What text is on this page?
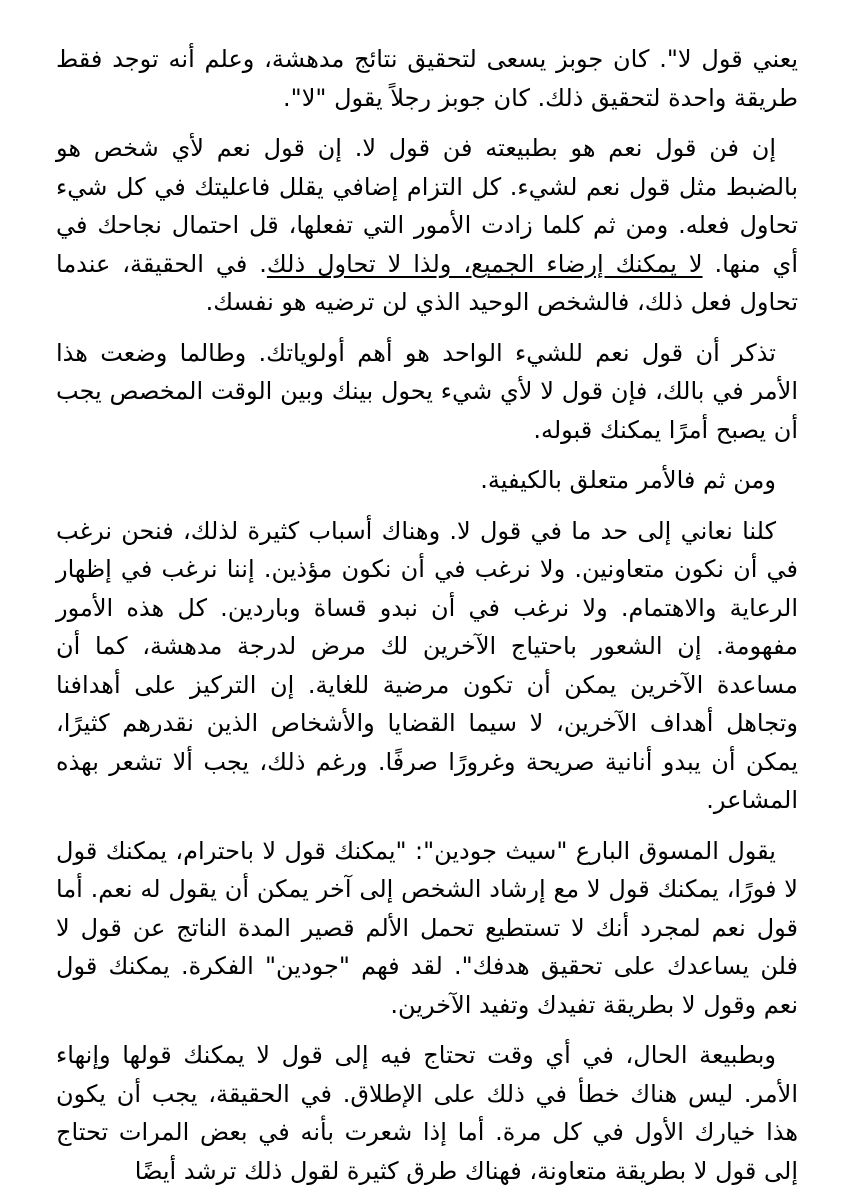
يعني قول لا". كان جوبز يسعى لتحقيق نتائج مدهشة، وعلم أنه توجد فقط طريقة واحدة لتحقيق ذلك. كان جوبز رجلاً يقول "لا".

إن فن قول نعم هو بطبيعته فن قول لا. إن قول نعم لأي شخص هو بالضبط مثل قول نعم لشيء. كل التزام إضافي يقلل فاعليتك في كل شيء تحاول فعله. ومن ثم كلما زادت الأمور التي تفعلها، قل احتمال نجاحك في أي منها. لا يمكنك إرضاء الجميع، ولذا لا تحاول ذلك. في الحقيقة، عندما تحاول فعل ذلك، فالشخص الوحيد الذي لن ترضيه هو نفسك.

تذكر أن قول نعم للشيء الواحد هو أهم أولوياتك. وطالما وضعت هذا الأمر في بالك، فإن قول لا لأي شيء يحول بينك وبين الوقت المخصص يجب أن يصبح أمرًا يمكنك قبوله.

ومن ثم فالأمر متعلق بالكيفية.

كلنا نعاني إلى حد ما في قول لا. وهناك أسباب كثيرة لذلك، فنحن نرغب في أن نكون متعاونين. ولا نرغب في أن نكون مؤذين. إننا نرغب في إظهار الرعاية والاهتمام. ولا نرغب في أن نبدو قساة وباردين. كل هذه الأمور مفهومة. إن الشعور باحتياج الآخرين لك مرض لدرجة مدهشة، كما أن مساعدة الآخرين يمكن أن تكون مرضية للغاية. إن التركيز على أهدافنا وتجاهل أهداف الآخرين، لا سيما القضايا والأشخاص الذين نقدرهم كثيرًا، يمكن أن يبدو أنانية صريحة وغرورًا صرفًا. ورغم ذلك، يجب ألا تشعر بهذه المشاعر.

يقول المسوق البارع "سيث جودين": "يمكنك قول لا باحترام، يمكنك قول لا فورًا، يمكنك قول لا مع إرشاد الشخص إلى آخر يمكن أن يقول له نعم. أما قول نعم لمجرد أنك لا تستطيع تحمل الألم قصير المدة الناتج عن قول لا فلن يساعدك على تحقيق هدفك". لقد فهم "جودين" الفكرة. يمكنك قول نعم وقول لا بطريقة تفيدك وتفيد الآخرين.

وبطبيعة الحال، في أي وقت تحتاج فيه إلى قول لا يمكنك قولها وإنهاء الأمر. ليس هناك خطأ في ذلك على الإطلاق. في الحقيقة، يجب أن يكون هذا خيارك الأول في كل مرة. أما إذا شعرت بأنه في بعض المرات تحتاج إلى قول لا بطريقة متعاونة، فهناك طرق كثيرة لقول ذلك ترشد أيضًا
